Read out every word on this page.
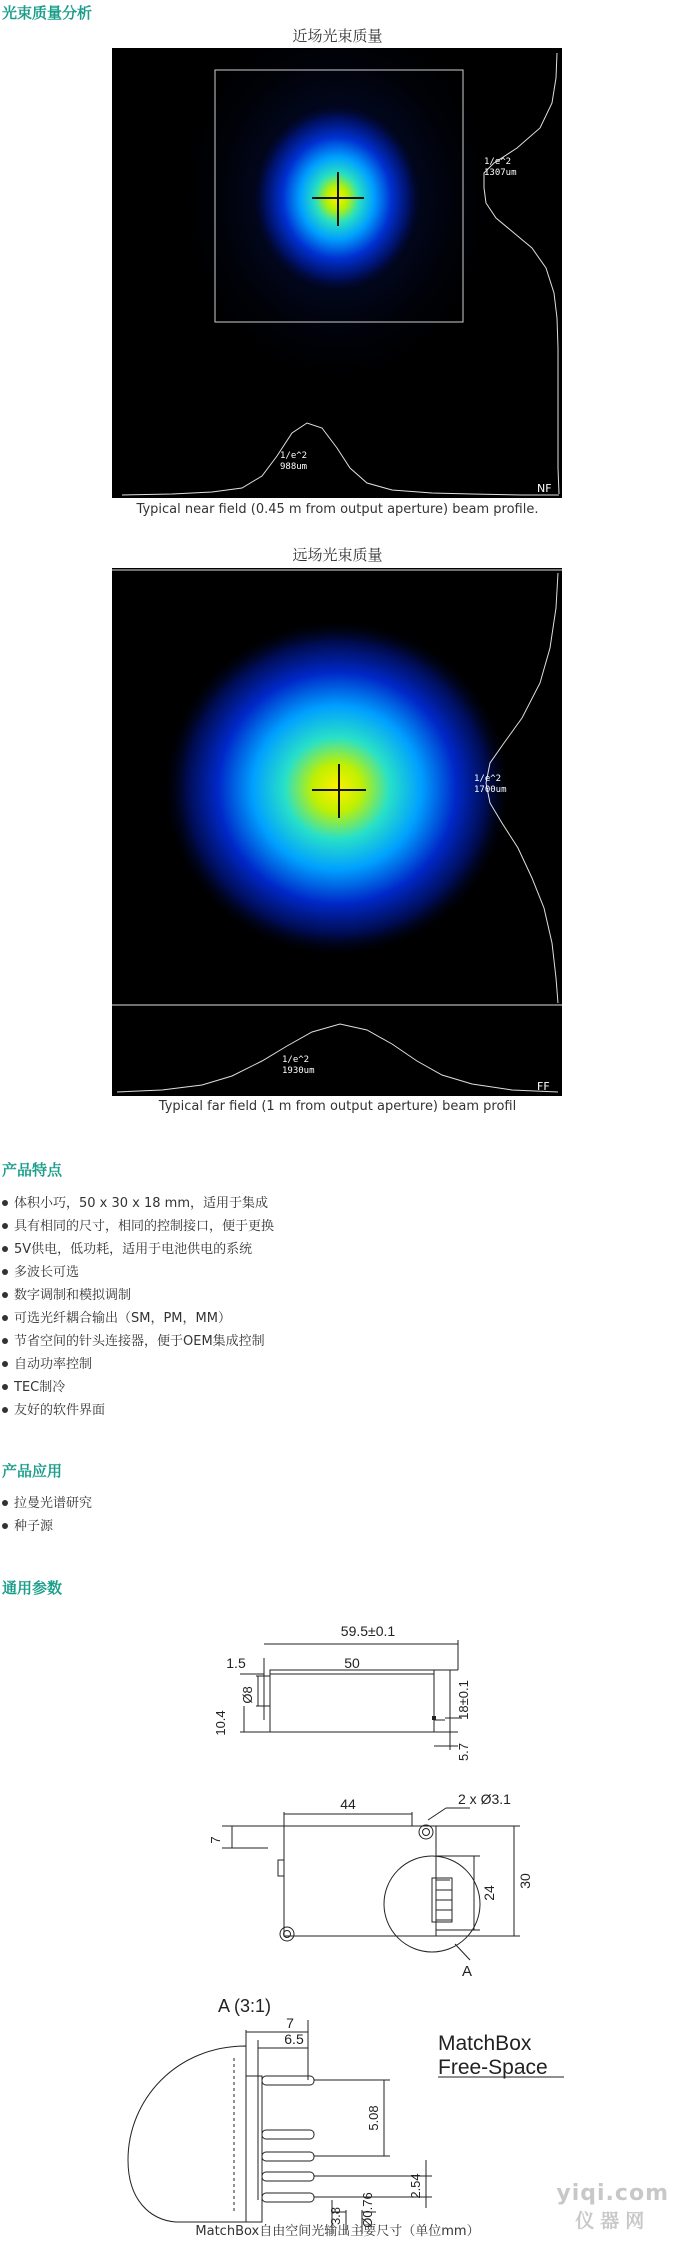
光束质量分析
近场光束质量
1/e^2
1307um
1/e^2
988um
NF
Typical near field (0.45 m from output aperture) beam profile.
远场光束质量
1/e^2
1700um
1/e^2
1930um
FF
Typical far field (1 m from output aperture) beam profil
产品特点
体积小巧，50 x 30 x 18 mm，适用于集成
具有相同的尺寸，相同的控制接口，便于更换
5V供电，低功耗，适用于电池供电的系统
多波长可选
数字调制和模拟调制
可选光纤耦合输出（SM，PM，MM）
节省空间的针头连接器，便于OEM集成控制
自动功率控制
TEC制冷
友好的软件界面
产品应用
拉曼光谱研究
种子源
通用参数
59.5±0.1
1.5	50
Ø8
10.4
18±0.1
5.7
44	2 x Ø3.1
7
24
30
A
A (3:1)
7
6.5
5.08
2.54
3.8 Ø0.76
MatchBox
Free-Space
MatchBox自由空间光输出主要尺寸（单位mm）
yiqi.com
仪器网
